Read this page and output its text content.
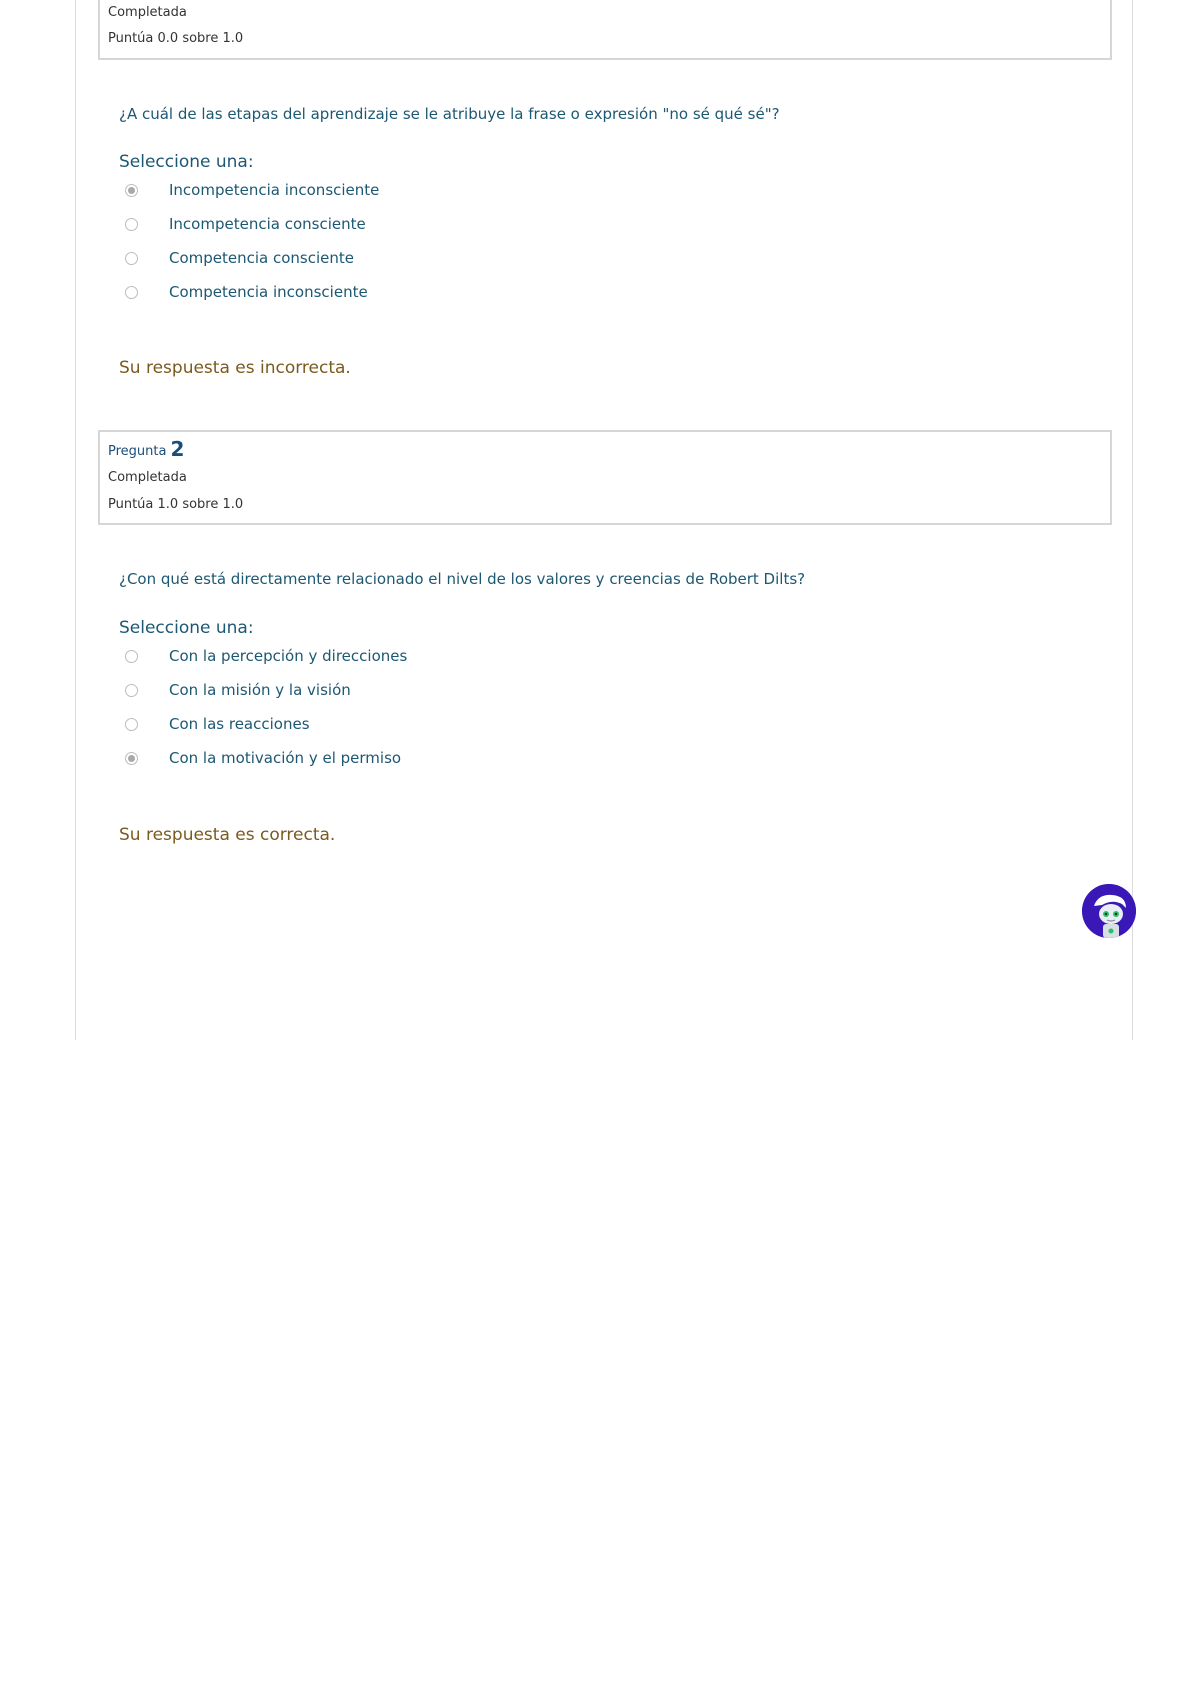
Completada
Puntúa 0.0 sobre 1.0
¿A cuál de las etapas del aprendizaje se le atribuye la frase o expresión "no sé qué sé"?
Seleccione una:
Incompetencia inconsciente
Incompetencia consciente
Competencia consciente
Competencia inconsciente
Su respuesta es incorrecta.
Pregunta 2
Completada
Puntúa 1.0 sobre 1.0
¿Con qué está directamente relacionado el nivel de los valores y creencias de Robert Dilts?
Seleccione una:
Con la percepción y direcciones
Con la misión y la visión
Con las reacciones
Con la motivación y el permiso
Su respuesta es correcta.
